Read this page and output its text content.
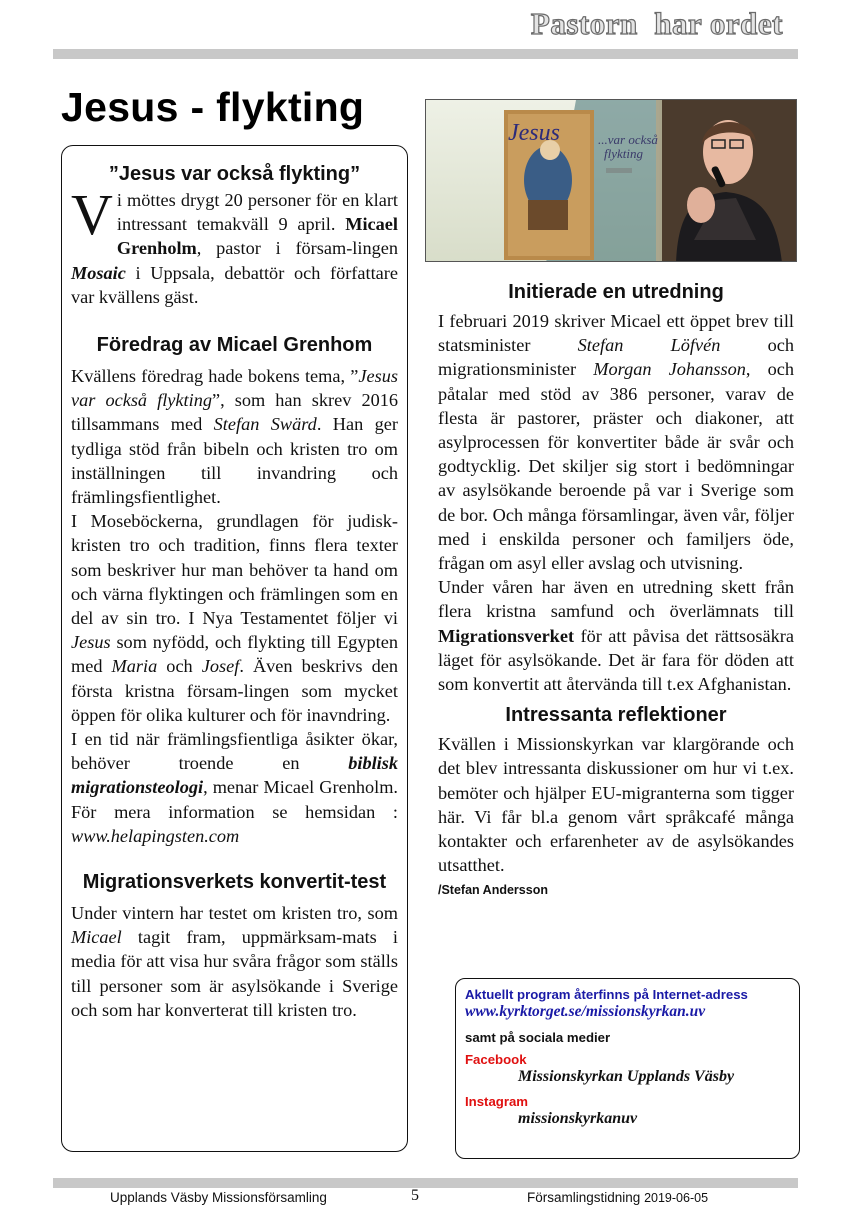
Pastorn  har ordet
Jesus - flykting
”Jesus var också flykting”

Vi möttes drygt 20 personer för en klart intressant temakväll 9 april. Micael Grenholm, pastor i försam-lingen Mosaic i Uppsala, debattör och författare var kvällens gäst.

Föredrag av Micael Grenhom

Kvällens föredrag hade bokens tema, ”Jesus var också flykting”, som han skrev 2016 tillsammans med Stefan Swärd. Han ger tydliga stöd från bibeln och kristen tro om inställningen till invandring och främlingsfientlighet.

I Moseböckerna, grundlagen för judisk-kristen tro och tradition, finns flera texter som beskriver hur man behöver ta hand om och värna flyktingen och främlingen som en del av sin tro. I Nya Testamentet följer vi Jesus som nyfödd, och flykting till Egypten med Maria och Josef. Även beskrivs den första kristna försam-lingen som mycket öppen för olika kulturer och för inavndring.

I en tid när främlingsfientliga åsikter ökar, behöver troende en biblisk migrationsteologi, menar Micael Grenholm. För mera information se hemsidan : www.helapingsten.com

Migrationsverkets konvertit-test

Under vintern har testet om kristen tro, som Micael tagit fram, uppmärksam-mats i media för att visa hur svåra frågor som ställs till personer som är asylsökande i Sverige och som har konverterat till kristen tro.

Jesus	...var också
flykting
Initierade en utredning

I februari 2019 skriver Micael ett öppet brev till statsminister Stefan Löfvén och migrationsminister Morgan Johansson, och påtalar med stöd av 386 personer, varav de flesta är pastorer, präster och diakoner, att asylprocessen för konvertiter både är svår och godtycklig. Det skiljer sig stort i bedömningar av asylsökande beroende på var i Sverige som de bor. Och många församlingar, även vår, följer med i enskilda personer och familjers öde, frågan om asyl eller avslag och utvisning.

Under våren har även en utredning skett från flera kristna samfund och överlämnats till Migrationsverket för att påvisa det rättsosäkra läget för asylsökande. Det är fara för döden att som konvertit att återvända till t.ex Afghanistan.

Intressanta reflektioner

Kvällen i Missionskyrkan var klargörande och det blev intressanta diskussioner om hur vi t.ex. bemöter och hjälper EU-migranterna som tigger här. Vi får bl.a genom vårt språkcafé många kontakter och erfarenheter av de asylsökandes utsatthet.

/Stefan Andersson
Aktuellt program återfinns på Internet-adress
www.kyrktorget.se/missionskyrkan.uv
samt på sociala medier
Facebook
Missionskyrkan Upplands Väsby
Instagram
missionskyrkanuv
Upplands Väsby Missionsförsamling	5	Församlingstidning 2019-06-05
